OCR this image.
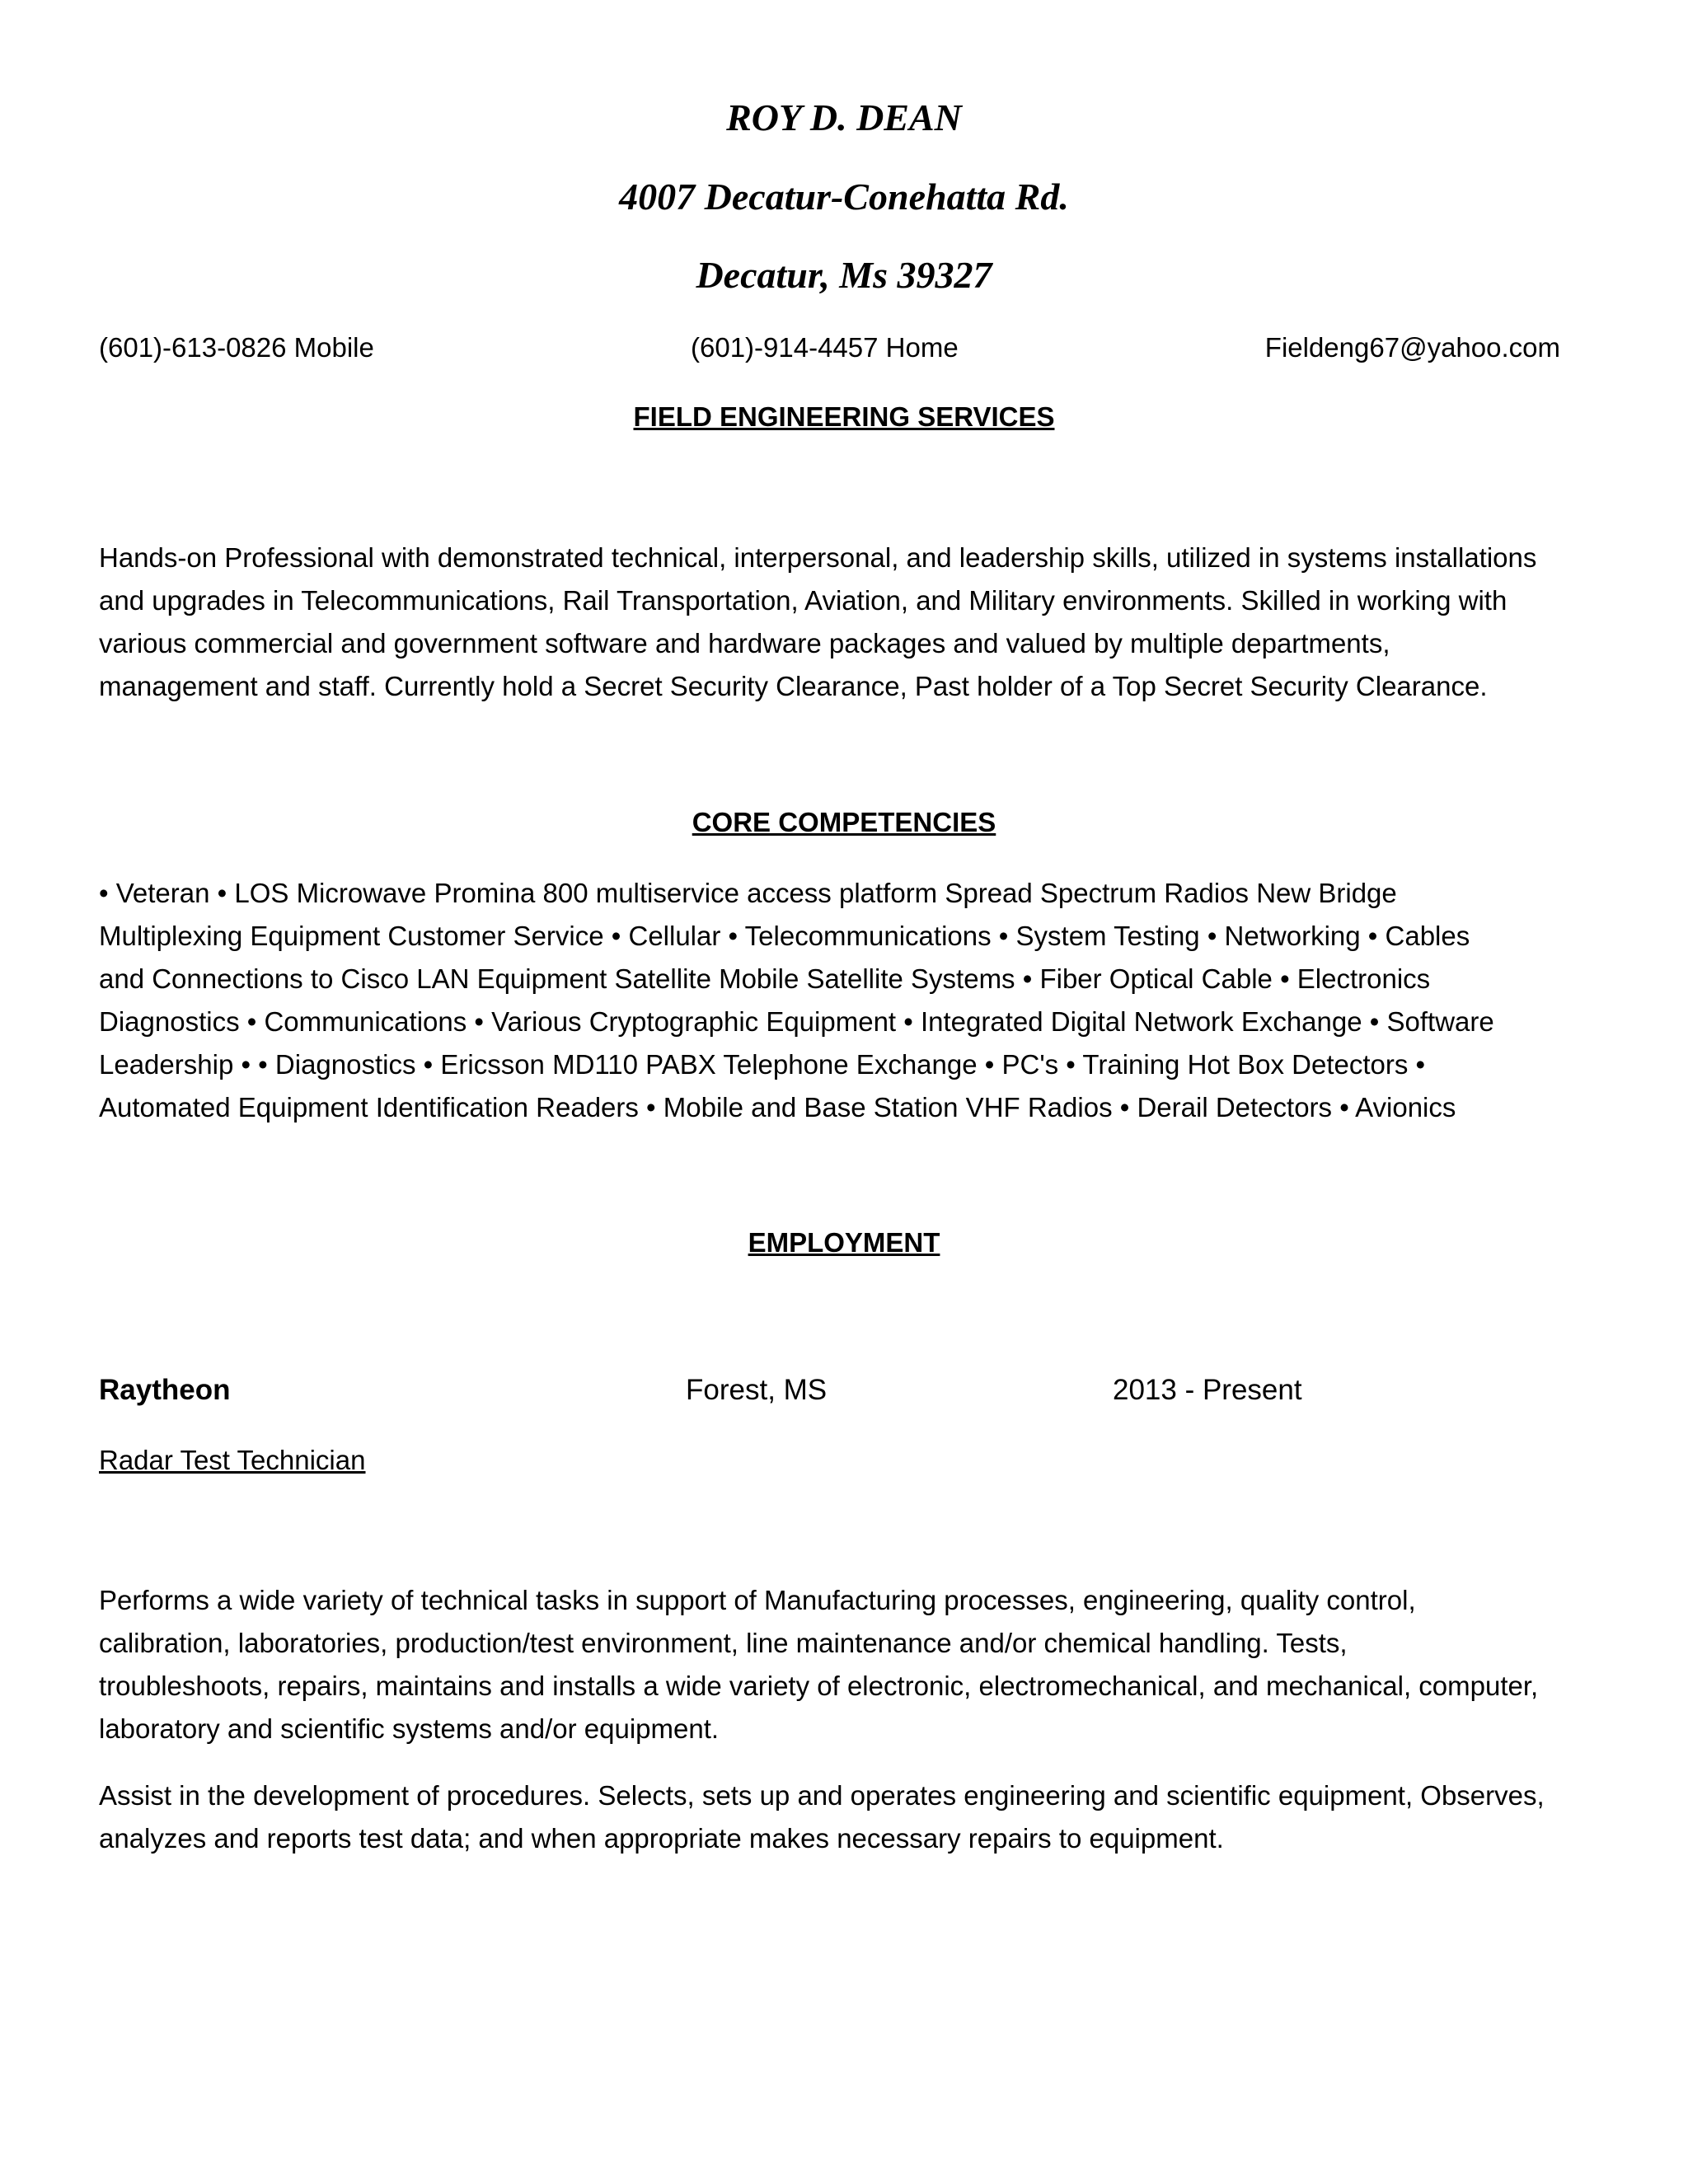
ROY D. DEAN
4007 Decatur-Conehatta Rd.
Decatur, Ms 39327
(601)-613-0826 Mobile	(601)-914-4457 Home	Fieldeng67@yahoo.com
FIELD ENGINEERING SERVICES
Hands-on Professional with demonstrated technical, interpersonal, and leadership skills, utilized in systems installations
and upgrades in Telecommunications, Rail Transportation, Aviation, and Military environments. Skilled in working with
various commercial and government software and hardware packages and valued by multiple departments,
management and staff. Currently hold a Secret Security Clearance, Past holder of a Top Secret Security Clearance.
CORE COMPETENCIES
• Veteran • LOS Microwave Promina 800 multiservice access platform Spread Spectrum Radios New Bridge
Multiplexing Equipment Customer Service • Cellular • Telecommunications • System Testing • Networking • Cables
and Connections to Cisco LAN Equipment Satellite Mobile Satellite Systems • Fiber Optical Cable • Electronics
Diagnostics • Communications • Various Cryptographic Equipment • Integrated Digital Network Exchange • Software
Leadership • • Diagnostics • Ericsson MD110 PABX Telephone Exchange • PC's • Training Hot Box Detectors •
Automated Equipment Identification Readers • Mobile and Base Station VHF Radios • Derail Detectors • Avionics
EMPLOYMENT
Raytheon	Forest, MS	2013 - Present
Radar Test Technician
Performs a wide variety of technical tasks in support of Manufacturing processes, engineering, quality control,
calibration, laboratories, production/test environment, line maintenance and/or chemical handling. Tests,
troubleshoots, repairs, maintains and installs a wide variety of electronic, electromechanical, and mechanical, computer,
laboratory and scientific systems and/or equipment.
Assist in the development of procedures. Selects, sets up and operates engineering and scientific equipment, Observes,
analyzes and reports test data; and when appropriate makes necessary repairs to equipment.
